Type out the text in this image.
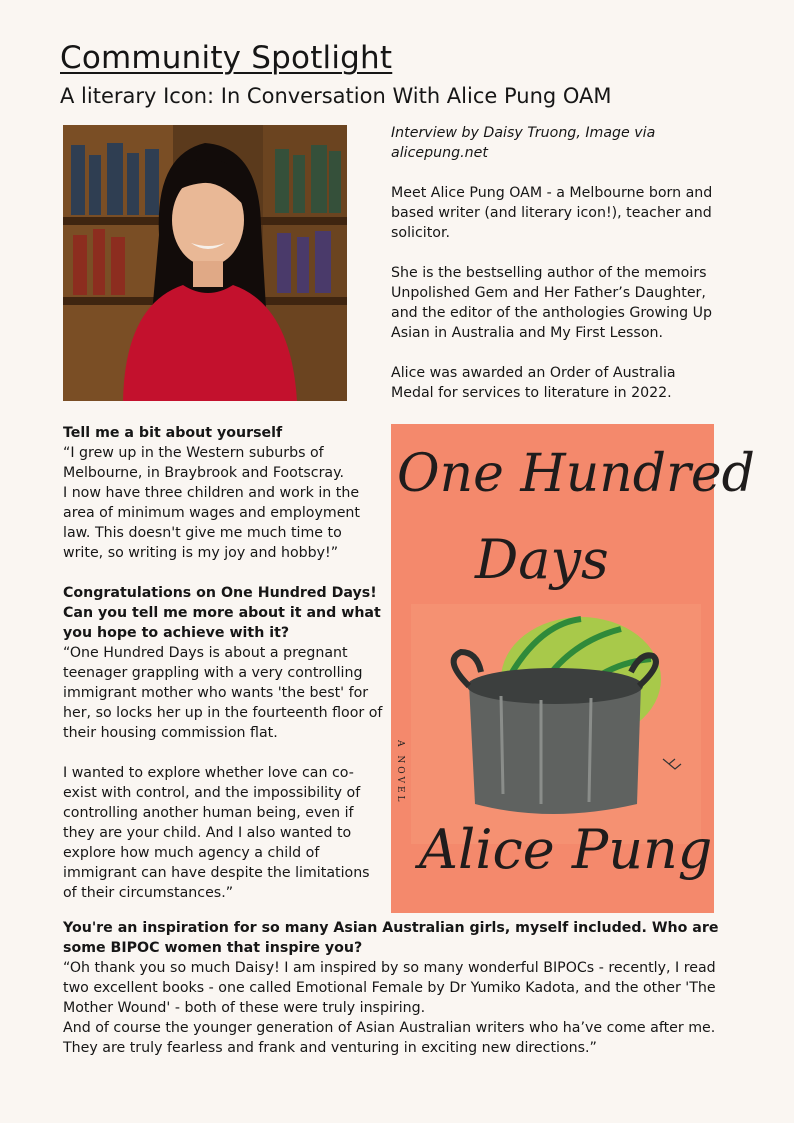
Community Spotlight
A literary Icon: In Conversation With Alice Pung OAM

Interview by Daisy Truong, Image via alicepung.net

Meet Alice Pung OAM - a Melbourne born and based writer (and literary icon!), teacher and solicitor.

She is the bestselling author of the memoirs Unpolished Gem and Her Father’s Daughter, and the editor of the anthologies Growing Up Asian in Australia and My First Lesson.

Alice was awarded an Order of Australia Medal for services to literature in 2022.

Tell me a bit about yourself
“I grew up in the Western suburbs of Melbourne, in Braybrook and Footscray.
I now have three children and work in the area of minimum wages and employment law. This doesn't give me much time to write, so writing is my joy and hobby!”

Congratulations on One Hundred Days! Can you tell me more about it and what you hope to achieve with it?
“One Hundred Days is about a pregnant teenager grappling with a very controlling immigrant mother who wants 'the best' for her, so locks her up in the fourteenth floor of their housing commission flat.

I wanted to explore whether love can co-exist with control, and the impossibility of controlling another human being, even if they are your child. And I also wanted to explore how much agency a child of immigrant can have despite the limitations of their circumstances.”

One Hundred
Days
Alice Pung
A NOVEL

You're an inspiration for so many Asian Australian girls, myself included. Who are some BIPOC women that inspire you?
“Oh thank you so much Daisy! I am inspired by so many wonderful BIPOCs - recently, I read two excellent books - one called Emotional Female by Dr Yumiko Kadota, and the other 'The Mother Wound' - both of these were truly inspiring.
And of course the younger generation of Asian Australian writers who ha’ve come after me. They are truly fearless and frank and venturing in exciting new directions.”
